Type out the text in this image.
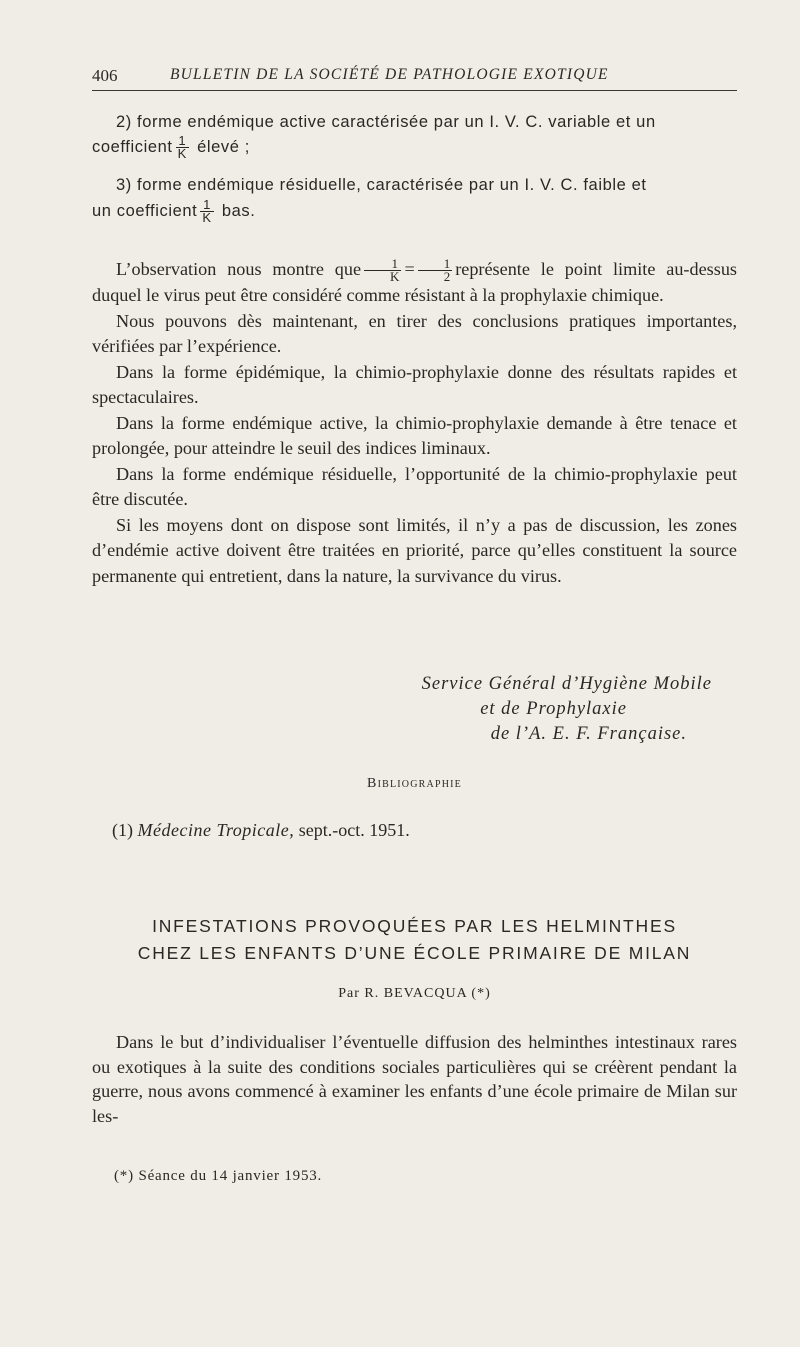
406	BULLETIN DE LA SOCIÉTÉ DE PATHOLOGIE EXOTIQUE
2) forme endémique active caractérisée par un I. V. C. variable et un
coefficient $\frac{1}{K}$ élevé ;
3) forme endémique résiduelle, caractérisée par un I. V. C. faible et
un coefficient $\frac{1}{K}$ bas.

L’observation nous montre que $\frac{1}{K} = \frac{1}{2}$ représente le point limite au-dessus duquel le virus peut être considéré comme résistant à la prophylaxie chimique.

Nous pouvons dès maintenant, en tirer des conclusions pratiques importantes, vérifiées par l’expérience.

Dans la forme épidémique, la chimio-prophylaxie donne des résultats rapides et spectaculaires.

Dans la forme endémique active, la chimio-prophylaxie demande à être tenace et prolongée, pour atteindre le seuil des indices liminaux.

Dans la forme endémique résiduelle, l’opportunité de la chimio-prophylaxie peut être discutée.

Si les moyens dont on dispose sont limités, il n’y a pas de discussion, les zones d’endémie active doivent être traitées en priorité, parce qu’elles constituent la source permanente qui entretient, dans la nature, la survivance du virus.

Service Général d’Hygiène Mobile
et de Prophylaxie
de l’A. E. F. Française.
Bibliographie
(1) Médecine Tropicale, sept.-oct. 1951.
INFESTATIONS PROVOQUÉES PAR LES HELMINTHES
CHEZ LES ENFANTS D’UNE ÉCOLE PRIMAIRE DE MILAN
Par R. BEVACQUA (*)

Dans le but d’individualiser l’éventuelle diffusion des helminthes intestinaux rares ou exotiques à la suite des conditions sociales particulières qui se créèrent pendant la guerre, nous avons commencé à examiner les enfants d’une école primaire de Milan sur les-

(*) Séance du 14 janvier 1953.
